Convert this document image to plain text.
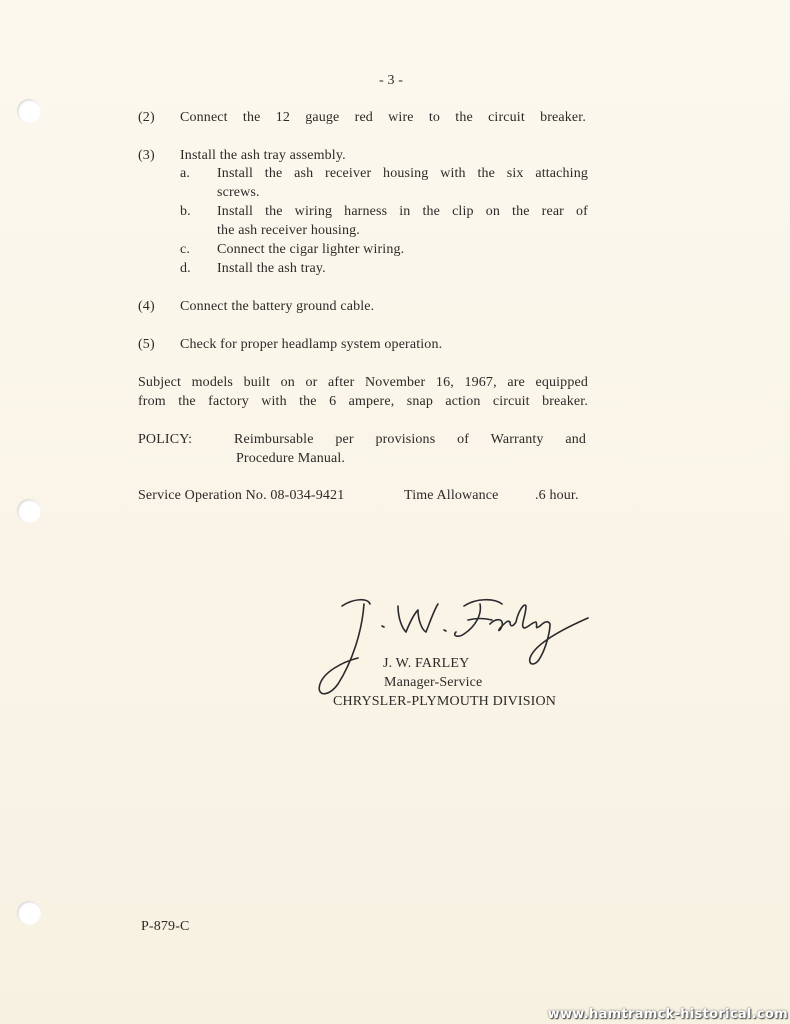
- 3 -
(2) Connect the 12 gauge red wire to the circuit breaker.
(3) Install the ash tray assembly.
a. Install the ash receiver housing with the six attaching
screws.
b. Install the wiring harness in the clip on the rear of
the ash receiver housing.
c. Connect the cigar lighter wiring.
d. Install the ash tray.
(4) Connect the battery ground cable.
(5) Check for proper headlamp system operation.
Subject models built on or after November 16, 1967, are equipped
from the factory with the 6 ampere, snap action circuit breaker.
POLICY:	Reimbursable per provisions of Warranty and
Procedure Manual.
Service Operation No. 08-034-9421	Time Allowance	.6 hour.
J. W. FARLEY
Manager-Service
CHRYSLER-PLYMOUTH DIVISION
P-879-C
www.hamtramck-historical.com
